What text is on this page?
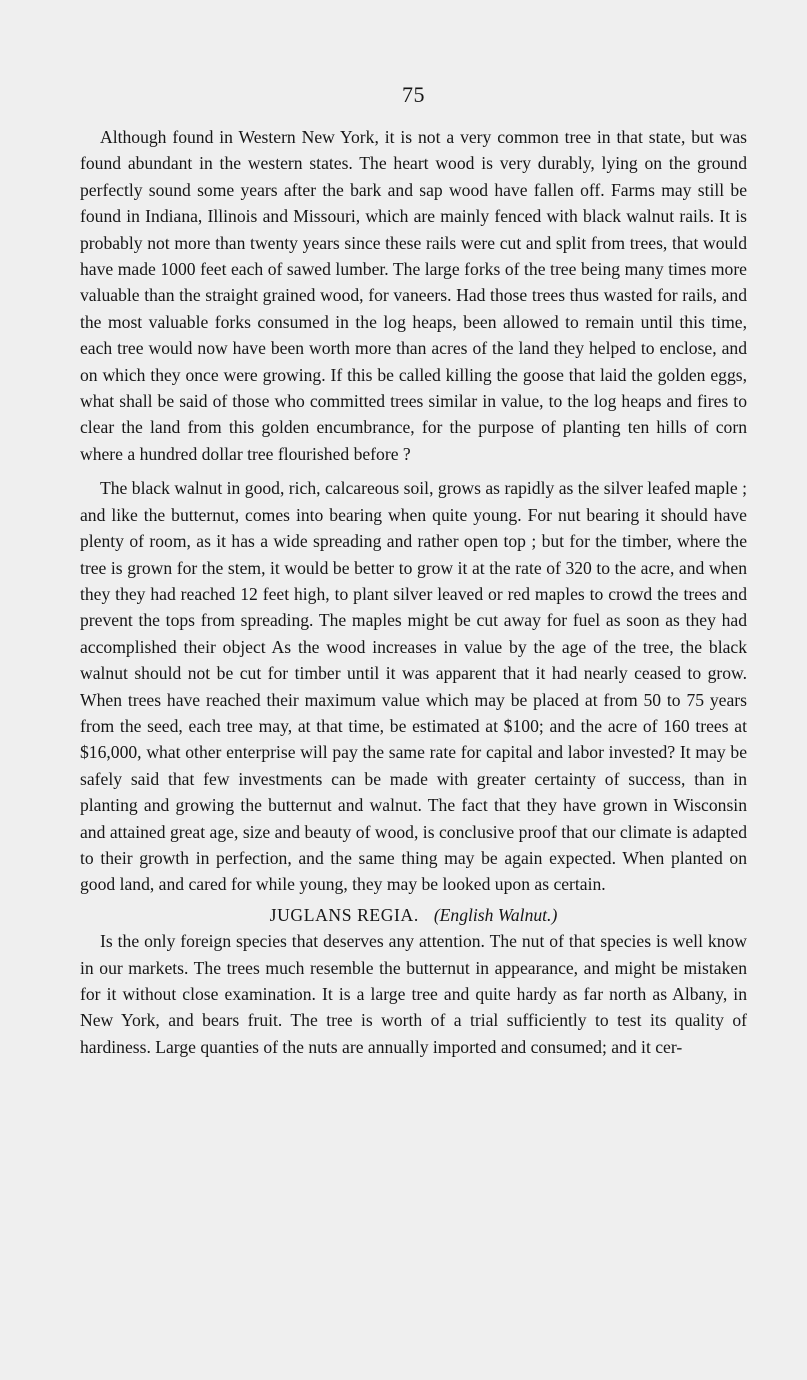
75

Although found in Western New York, it is not a very common tree in that state, but was found abundant in the western states. The heart wood is very durably, lying on the ground perfectly sound some years after the bark and sap wood have fallen off. Farms may still be found in Indiana, Illinois and Missouri, which are mainly fenced with black walnut rails. It is probably not more than twenty years since these rails were cut and split from trees, that would have made 1000 feet each of sawed lumber. The large forks of the tree being many times more valuable than the straight grained wood, for vaneers. Had those trees thus wasted for rails, and the most valuable forks consumed in the log heaps, been allowed to remain until this time, each tree would now have been worth more than acres of the land they helped to enclose, and on which they once were growing. If this be called killing the goose that laid the golden eggs, what shall be said of those who committed trees similar in value, to the log heaps and fires to clear the land from this golden encumbrance, for the purpose of planting ten hills of corn where a hundred dollar tree flourished before ?

The black walnut in good, rich, calcareous soil, grows as rapidly as the silver leafed maple ; and like the butternut, comes into bearing when quite young. For nut bearing it should have plenty of room, as it has a wide spreading and rather open top ; but for the timber, where the tree is grown for the stem, it would be better to grow it at the rate of 320 to the acre, and when they they had reached 12 feet high, to plant silver leaved or red maples to crowd the trees and prevent the tops from spreading. The maples might be cut away for fuel as soon as they had accomplished their object As the wood increases in value by the age of the tree, the black walnut should not be cut for timber until it was apparent that it had nearly ceased to grow. When trees have reached their maximum value which may be placed at from 50 to 75 years from the seed, each tree may, at that time, be estimated at $100; and the acre of 160 trees at $16,000, what other enterprise will pay the same rate for capital and labor invested? It may be safely said that few investments can be made with greater certainty of success, than in planting and growing the butternut and walnut. The fact that they have grown in Wisconsin and attained great age, size and beauty of wood, is conclusive proof that our climate is adapted to their growth in perfection, and the same thing may be again expected. When planted on good land, and cared for while young, they may be looked upon as certain.

JUGLANS REGIA. (English Walnut.)

Is the only foreign species that deserves any attention. The nut of that species is well know in our markets. The trees much resemble the butternut in appearance, and might be mistaken for it without close examination. It is a large tree and quite hardy as far north as Albany, in New York, and bears fruit. The tree is worth of a trial sufficiently to test its quality of hardiness. Large quanties of the nuts are annually imported and consumed; and it cer-
